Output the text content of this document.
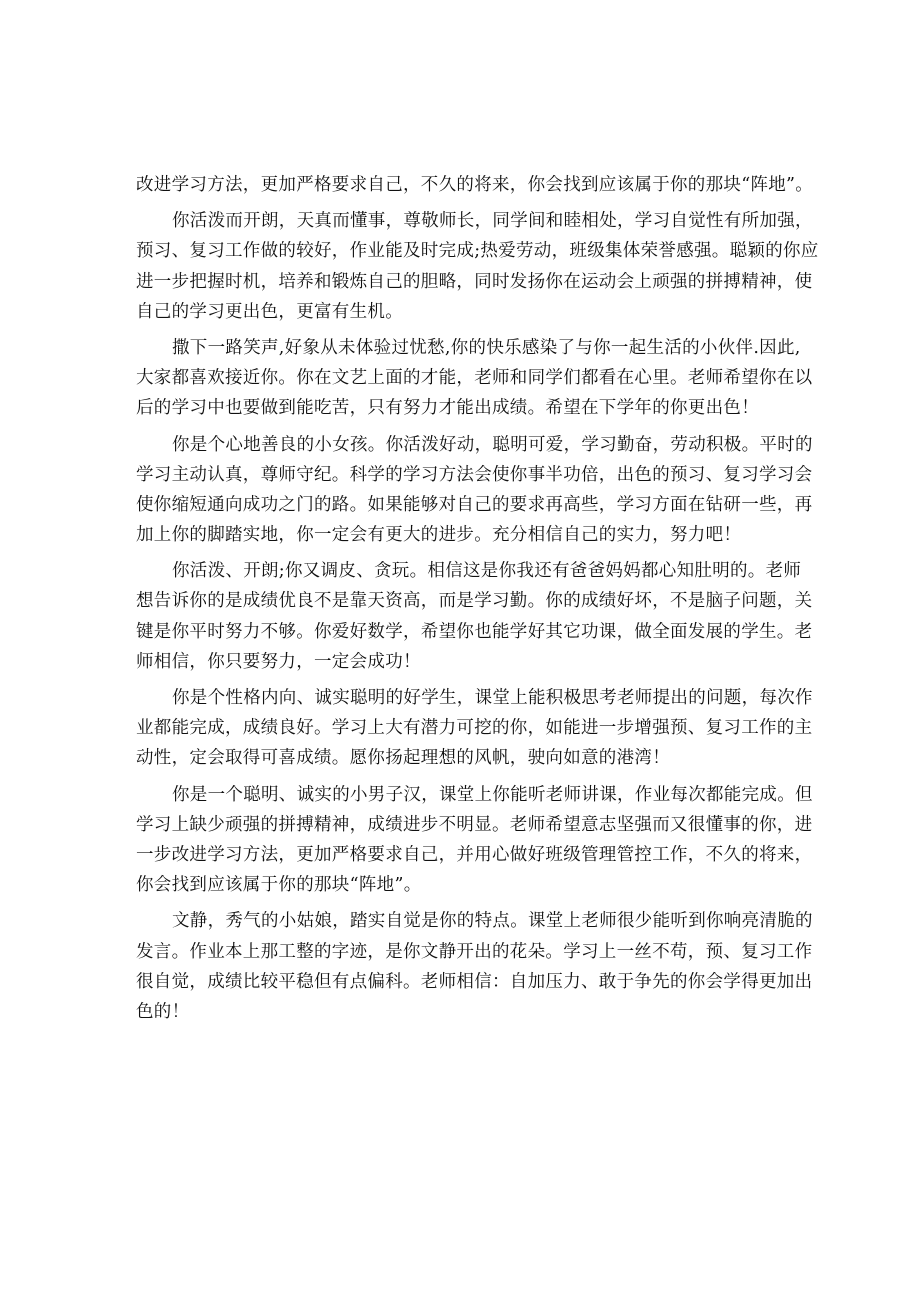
改进学习方法，更加严格要求自己，不久的将来，你会找到应该属于你的那块“阵地”。
你活泼而开朗，天真而懂事，尊敬师长，同学间和睦相处，学习自觉性有所加强，
预习、复习工作做的较好，作业能及时完成;热爱劳动，班级集体荣誉感强。聪颖的你应
进一步把握时机，培养和锻炼自己的胆略，同时发扬你在运动会上顽强的拼搏精神，使
自己的学习更出色，更富有生机。
撒下一路笑声,好象从未体验过忧愁,你的快乐感染了与你一起生活的小伙伴.因此,
大家都喜欢接近你。你在文艺上面的才能，老师和同学们都看在心里。老师希望你在以
后的学习中也要做到能吃苦，只有努力才能出成绩。希望在下学年的你更出色！
你是个心地善良的小女孩。你活泼好动，聪明可爱，学习勤奋，劳动积极。平时的
学习主动认真，尊师守纪。科学的学习方法会使你事半功倍，出色的预习、复习学习会
使你缩短通向成功之门的路。如果能够对自己的要求再高些，学习方面在钻研一些，再
加上你的脚踏实地，你一定会有更大的进步。充分相信自己的实力，努力吧！
你活泼、开朗;你又调皮、贪玩。相信这是你我还有爸爸妈妈都心知肚明的。老师
想告诉你的是成绩优良不是靠天资高，而是学习勤。你的成绩好坏，不是脑子问题，关
键是你平时努力不够。你爱好数学，希望你也能学好其它功课，做全面发展的学生。老
师相信，你只要努力，一定会成功！
你是个性格内向、诚实聪明的好学生，课堂上能积极思考老师提出的问题，每次作
业都能完成，成绩良好。学习上大有潜力可挖的你，如能进一步增强预、复习工作的主
动性，定会取得可喜成绩。愿你扬起理想的风帆，驶向如意的港湾！
你是一个聪明、诚实的小男子汉，课堂上你能听老师讲课，作业每次都能完成。但
学习上缺少顽强的拼搏精神，成绩进步不明显。老师希望意志坚强而又很懂事的你，进
一步改进学习方法，更加严格要求自己，并用心做好班级管理管控工作，不久的将来，
你会找到应该属于你的那块“阵地”。
文静，秀气的小姑娘，踏实自觉是你的特点。课堂上老师很少能听到你响亮清脆的
发言。作业本上那工整的字迹，是你文静开出的花朵。学习上一丝不苟，预、复习工作
很自觉，成绩比较平稳但有点偏科。老师相信：自加压力、敢于争先的你会学得更加出
色的！
